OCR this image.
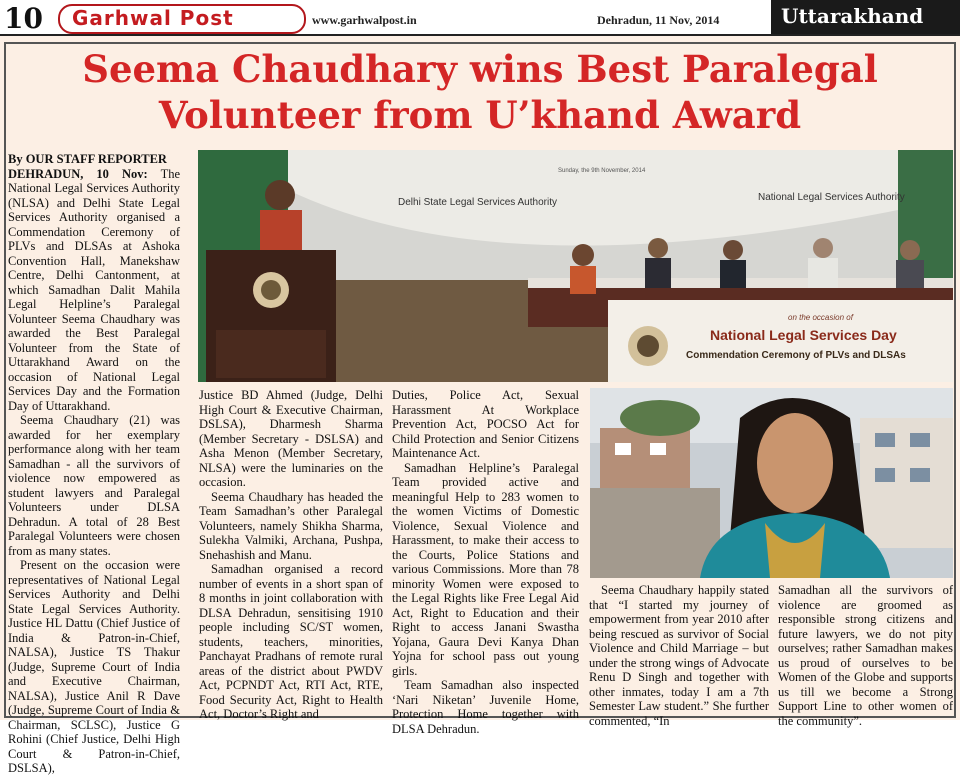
10 Garhwal Post	www.garhwalpost.in	Dehradun, 11 Nov, 2014	Uttarakhand
Seema Chaudhary wins Best Paralegal
Volunteer from U’khand Award

By OUR STAFF REPORTER
DEHRADUN, 10 Nov: The National Legal Services Authority (NLSA) and Delhi State Legal Services Authority organised a Commendation Ceremony of PLVs and DLSAs at Ashoka Convention Hall, Manekshaw Centre, Delhi Cantonment, at which Samadhan Dalit Mahila Legal Helpline’s Paralegal Volunteer Seema Chaudhary was awarded the Best Paralegal Volunteer from the State of Uttarakhand Award on the occasion of National Legal Services Day and the Formation Day of Uttarakhand.

Seema Chaudhary (21) was awarded for her exemplary performance along with her team Samadhan - all the survivors of violence now empowered as student lawyers and Paralegal Volunteers under DLSA Dehradun. A total of 28 Best Paralegal Volunteers were chosen from as many states.

Present on the occasion were representatives of National Legal Services Authority and Delhi State Legal Services Authority. Justice HL Dattu (Chief Justice of India & Patron-in-Chief, NALSA), Justice TS Thakur (Judge, Supreme Court of India and Executive Chairman, NALSA), Justice Anil R Dave (Judge, Supreme Court of India & Chairman, SCLSC), Justice G Rohini (Chief Justice, Delhi High Court & Patron-in-Chief, DSLSA),

Delhi State Legal Services Authority	National Legal Services Authority
Sunday, the 9th November, 2014
on the occasion of
National Legal Services Day
Commendation Ceremony of PLVs and DLSAs

Justice BD Ahmed (Judge, Delhi High Court & Executive Chairman, DSLSA), Dharmesh Sharma (Member Secretary - DSLSA) and Asha Menon (Member Secretary, NLSA) were the luminaries on the occasion.

Seema Chaudhary has headed the Team Samadhan’s other Paralegal Volunteers, namely Shikha Sharma, Sulekha Valmiki, Archana, Pushpa, Snehashish and Manu.

Samadhan organised a record number of events in a short span of 8 months in joint collaboration with DLSA Dehradun, sensitising 1910 people including SC/ST women, students, teachers, minorities, Panchayat Pradhans of remote rural areas of the district about PWDV Act, PCPNDT Act, RTI Act, RTE, Food Security Act, Right to Health Act, Doctor’s Right and

Duties, Police Act, Sexual Harassment At Workplace Prevention Act, POCSO Act for Child Protection and Senior Citizens Maintenance Act.

Samadhan Helpline’s Paralegal Team provided active and meaningful Help to 283 women to the women Victims of Domestic Violence, Sexual Violence and Harassment, to make their access to the Courts, Police Stations and various Commissions. More than 78 minority Women were exposed to the Legal Rights like Free Legal Aid Act, Right to Education and their Right to access Janani Swastha Yojana, Gaura Devi Kanya Dhan Yojna for school pass out young girls.

Team Samadhan also inspected ‘Nari Niketan’ Juvenile Home, Protection Home together with DLSA Dehradun.

Seema Chaudhary happily stated that “I started my journey of empowerment from year 2010 after being rescued as survivor of Social Violence and Child Marriage – but under the strong wings of Advocate Renu D Singh and together with other inmates, today I am a 7th Semester Law student.” She further commented, “In

Samadhan all the survivors of violence are groomed as responsible strong citizens and future lawyers, we do not pity ourselves; rather Samadhan makes us proud of ourselves to be Women of the Globe and supports us till we become a Strong Support Line to other women of the community”.
